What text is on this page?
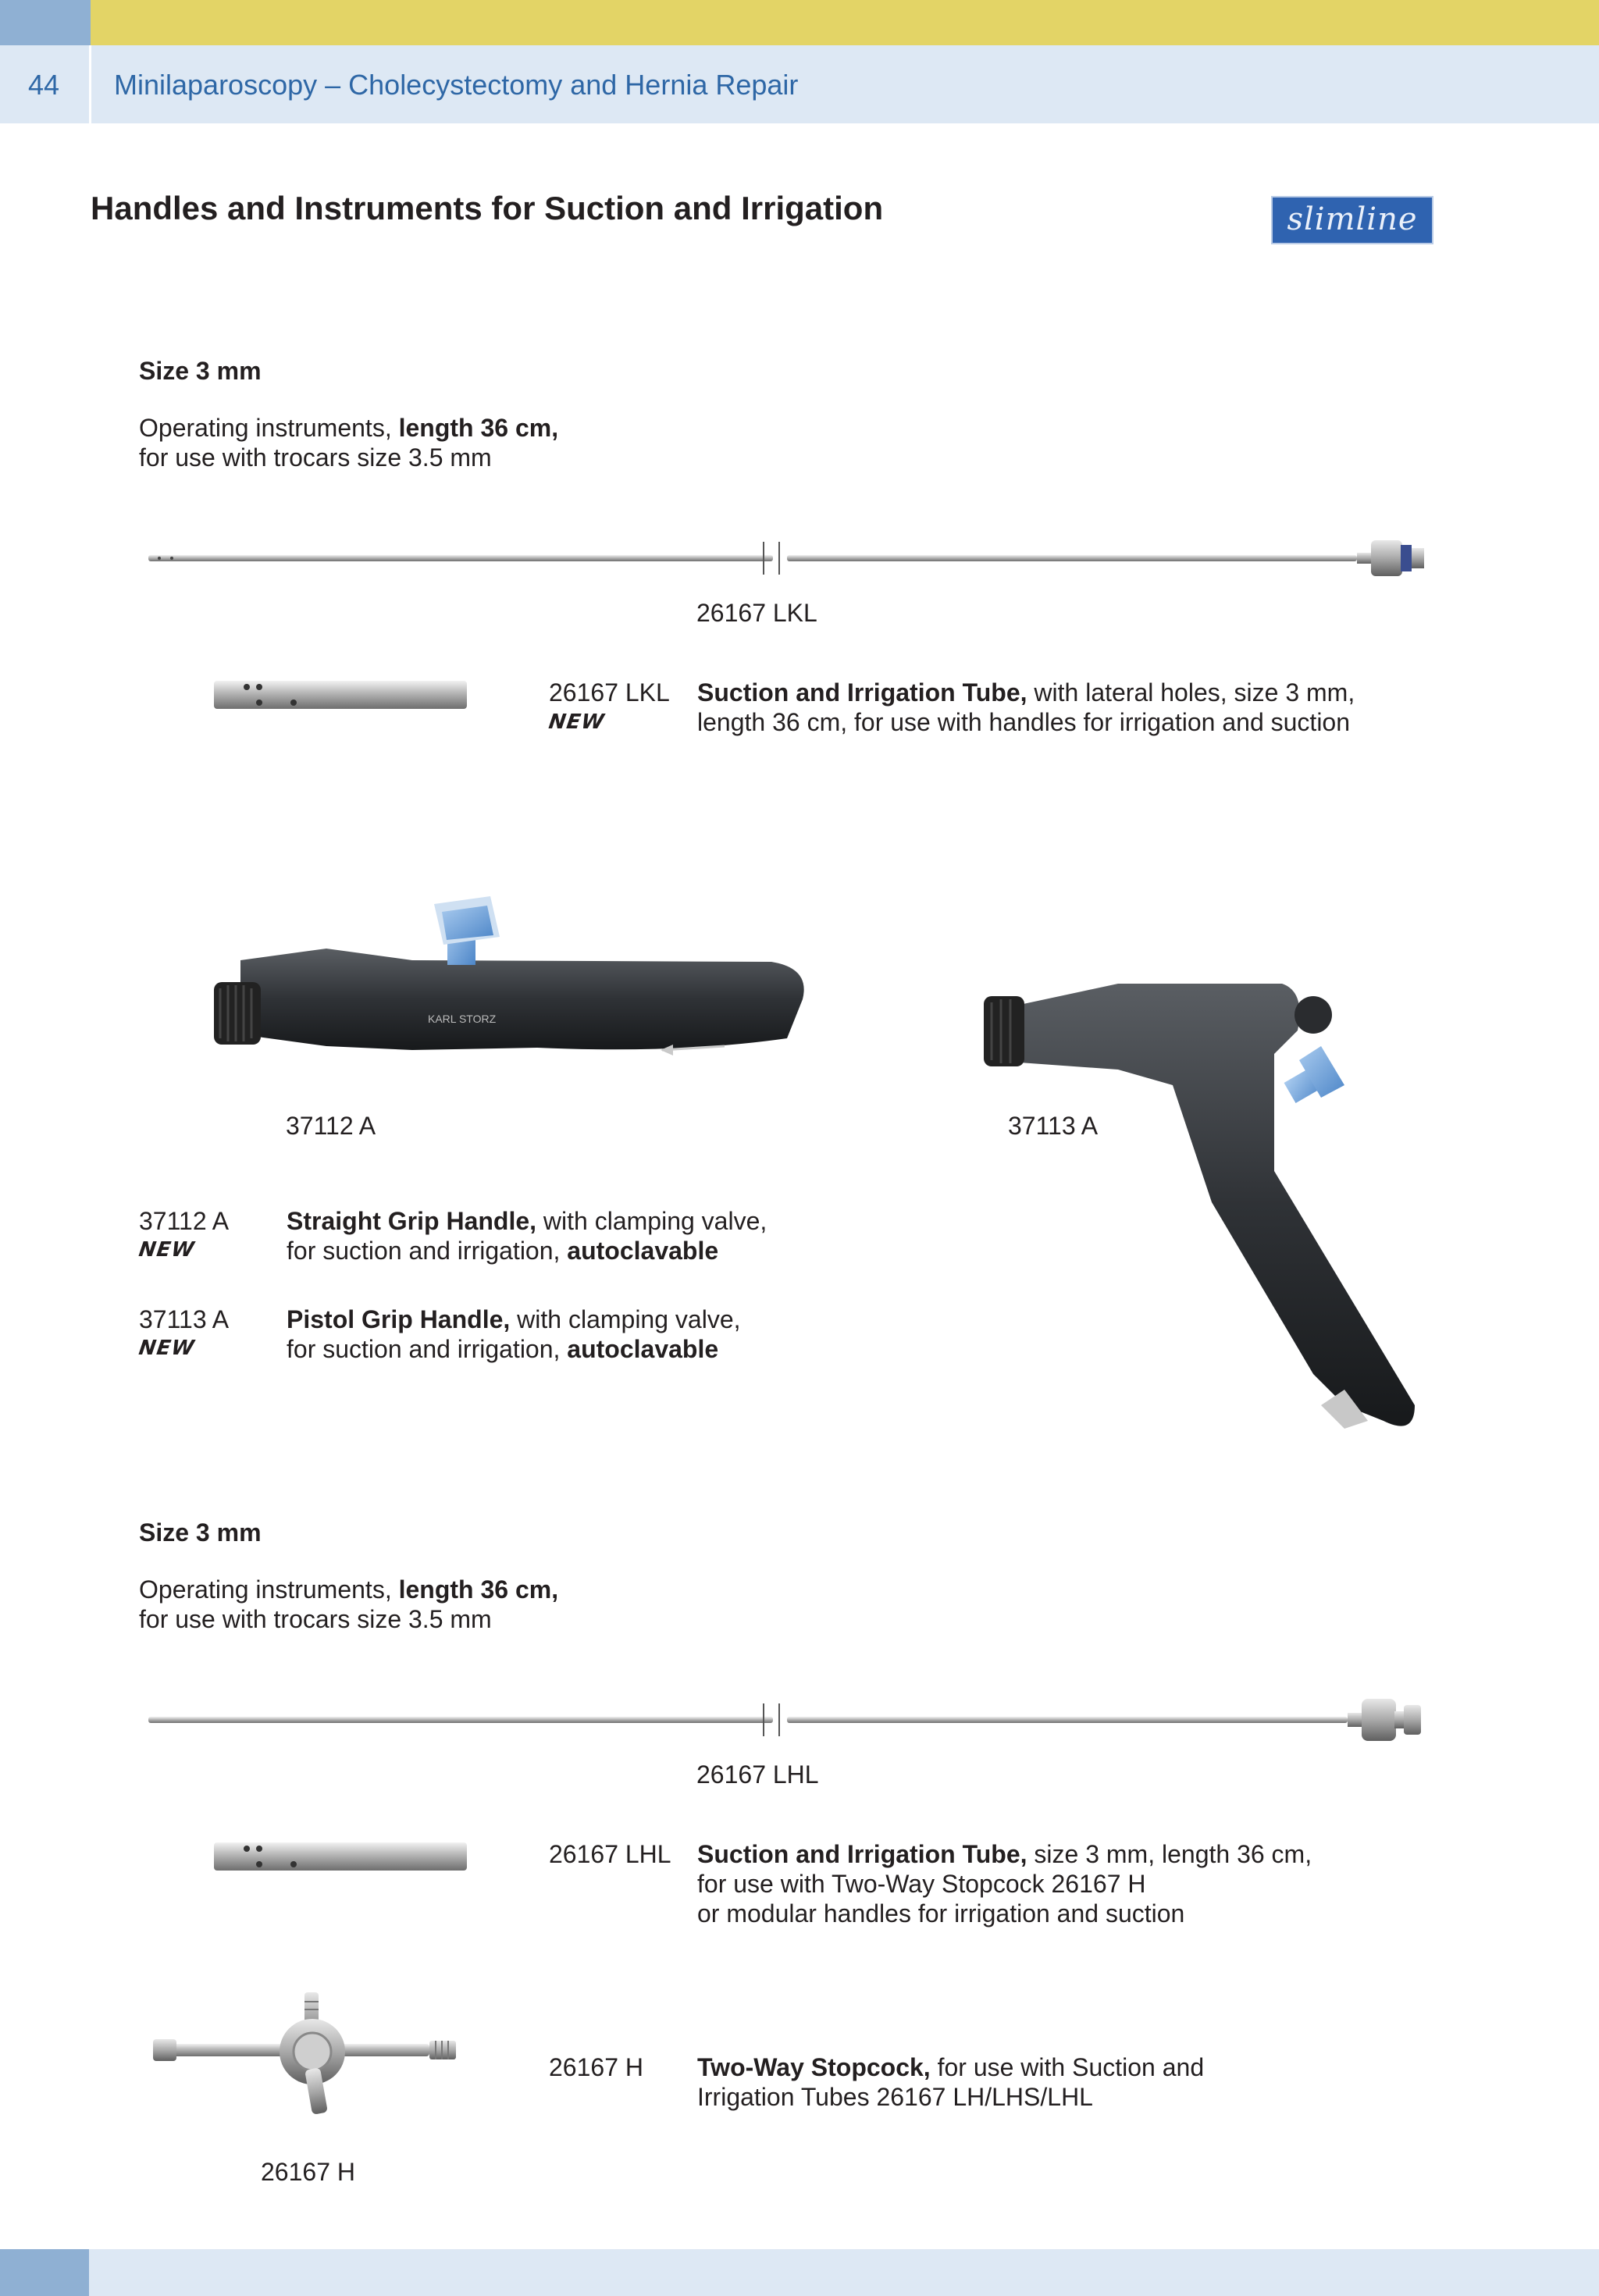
44 Minilaparoscopy – Cholecystectomy and Hernia Repair
Handles and Instruments for Suction and Irrigation	slimline
Size 3 mm
Operating instruments, length 36 cm,
for use with trocars size 3.5 mm
26167 LKL
26167 LKL
NEW
Suction and Irrigation Tube, with lateral holes, size 3 mm,
length 36 cm, for use with handles for irrigation and suction
KARL STORZ
37112 A	37113 A
37112 A
NEW
Straight Grip Handle, with clamping valve,
for suction and irrigation, autoclavable
37113 A
NEW
Pistol Grip Handle, with clamping valve,
for suction and irrigation, autoclavable
Size 3 mm
Operating instruments, length 36 cm,
for use with trocars size 3.5 mm
26167 LHL
26167 LHL Suction and Irrigation Tube, size 3 mm, length 36 cm,
for use with Two-Way Stopcock 26167 H
or modular handles for irrigation and suction
26167 H
26167 H Two-Way Stopcock, for use with Suction and
Irrigation Tubes 26167 LH/LHS/LHL
